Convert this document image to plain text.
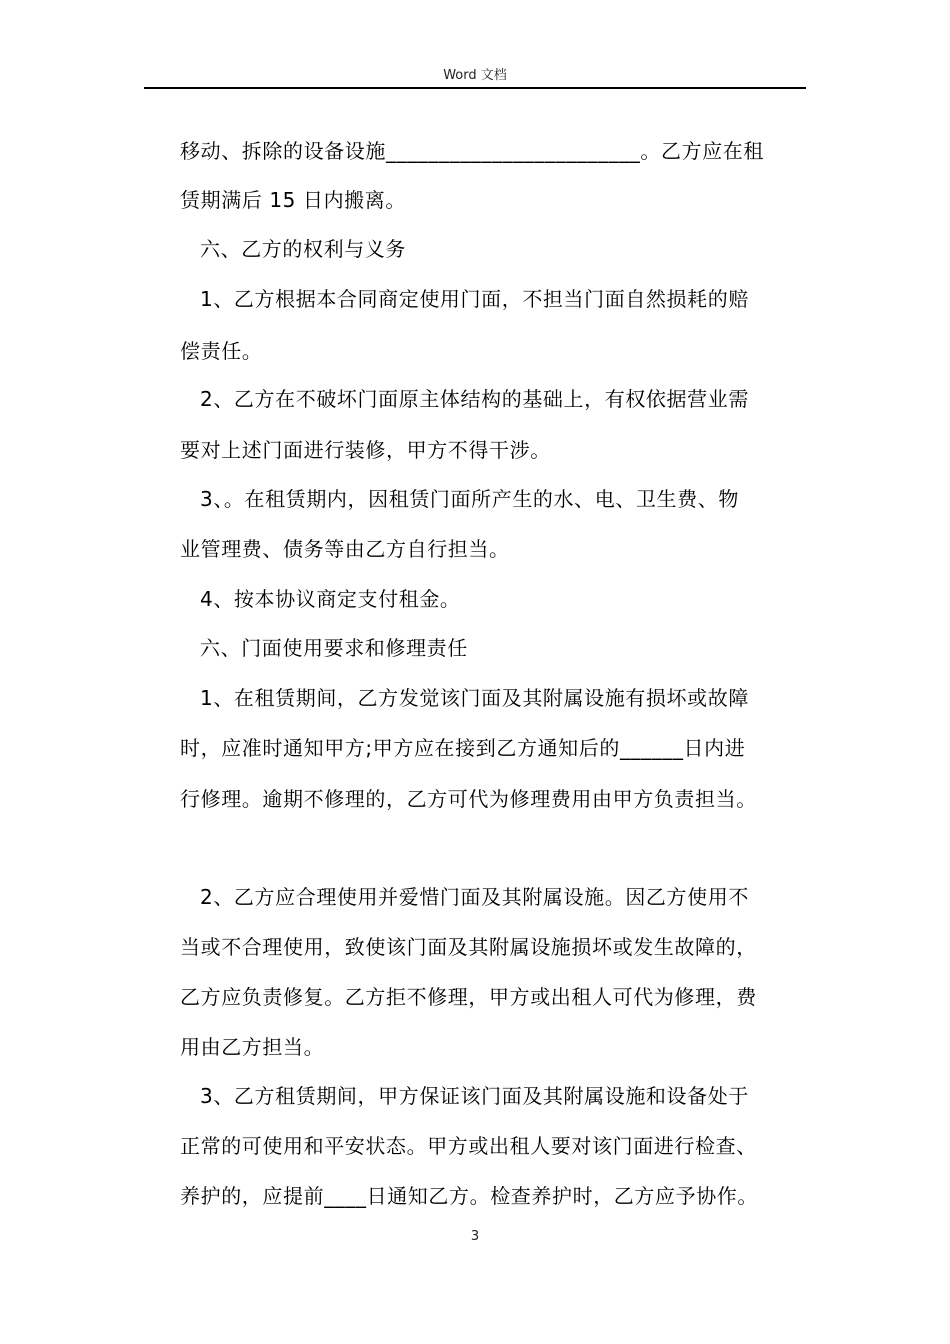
Word 文档
移动、拆除的设备设施________________________。乙方应在租
赁期满后 15 日内搬离。
六、乙方的权利与义务
1、乙方根据本合同商定使用门面，不担当门面自然损耗的赔
偿责任。
2、乙方在不破坏门面原主体结构的基础上，有权依据营业需
要对上述门面进行装修，甲方不得干涉。
3、。在租赁期内，因租赁门面所产生的水、电、卫生费、物
业管理费、债务等由乙方自行担当。
4、按本协议商定支付租金。
六、门面使用要求和修理责任
1、在租赁期间，乙方发觉该门面及其附属设施有损坏或故障
时，应准时通知甲方;甲方应在接到乙方通知后的______日内进
行修理。逾期不修理的，乙方可代为修理费用由甲方负责担当。
2、乙方应合理使用并爱惜门面及其附属设施。因乙方使用不
当或不合理使用，致使该门面及其附属设施损坏或发生故障的，
乙方应负责修复。乙方拒不修理，甲方或出租人可代为修理，费
用由乙方担当。
3、乙方租赁期间，甲方保证该门面及其附属设施和设备处于
正常的可使用和平安状态。甲方或出租人要对该门面进行检查、
养护的，应提前____日通知乙方。检查养护时，乙方应予协作。
3
